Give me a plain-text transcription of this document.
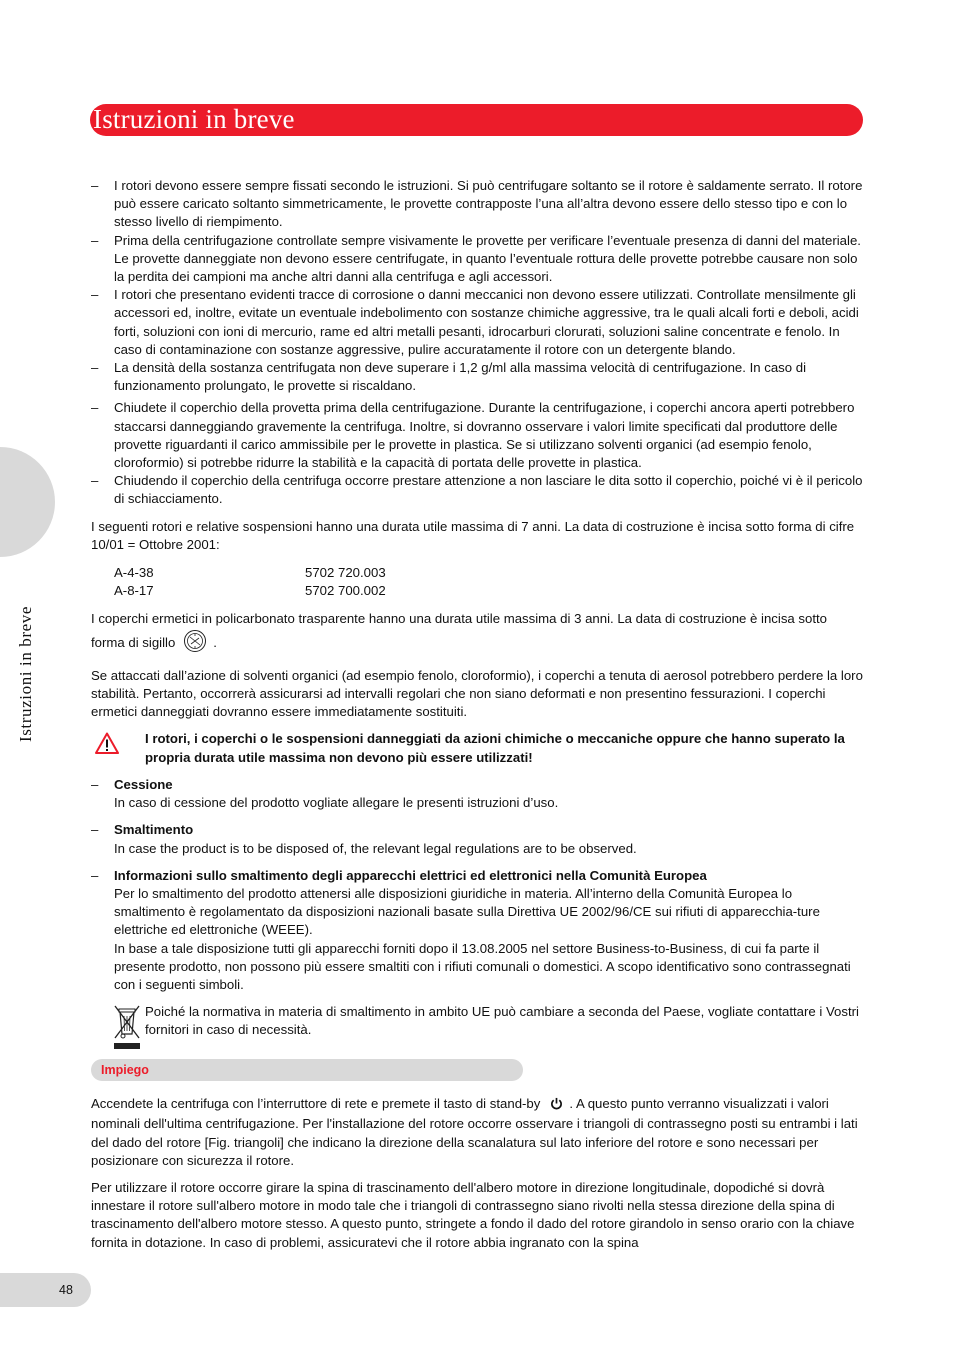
Istruzioni in breve
Istruzioni in breve
48
– I rotori devono essere sempre fissati secondo le istruzioni. Si può centrifugare soltanto se il rotore è saldamente serrato. Il rotore può essere caricato soltanto simmetricamente, le provette contrapposte l’una all’altra devono essere dello stesso tipo e con lo stesso livello di riempimento.

– Prima della centrifugazione controllate sempre visivamente le provette per verificare l’eventuale presenza di danni del materiale. Le provette danneggiate non devono essere centrifugate, in quanto l’eventuale rottura delle provette potrebbe causare non solo la perdita dei campioni ma anche altri danni alla centrifuga e agli accessori.

– I rotori che presentano evidenti tracce di corrosione o danni meccanici non devono essere utilizzati. Controllate mensilmente gli accessori ed, inoltre, evitate un eventuale indebolimento con sostanze chimiche aggressive, tra le quali alcali forti e deboli, acidi forti, soluzioni con ioni di mercurio, rame ed altri metalli pesanti, idrocarburi clorurati, soluzioni saline concentrate e fenolo. In caso di contaminazione con sostanze aggressive, pulire accuratamente il rotore con un detergente blando.

– La densità della sostanza centrifugata non deve superare i 1,2 g/ml alla massima velocità di centrifugazione. In caso di funzionamento prolungato, le provette si riscaldano.

– Chiudete il coperchio della provetta prima della centrifugazione. Durante la centrifugazione, i coperchi ancora aperti potrebbero staccarsi danneggiando gravemente la centrifuga. Inoltre, si dovranno osservare i valori limite specificati dal produttore delle provette riguardanti il carico ammissibile per le provette in plastica. Se si utilizzano solventi organici (ad esempio fenolo, cloroformio) si potrebbe ridurre la stabilità e la capacità di portata delle provette in plastica.

– Chiudendo il coperchio della centrifuga occorre prestare attenzione a non lasciare le dita sotto il coperchio, poiché vi è il pericolo di schiacciamento.

I seguenti rotori e relative sospensioni hanno una durata utile massima di 7 anni. La data di costruzione è incisa sotto forma di cifre 10/01 = Ottobre 2001:

A-4-38	5702 720.003
A-8-17	5702 700.002

I coperchi ermetici in policarbonato trasparente hanno una durata utile massima di 3 anni. La data di costruzione è incisa sotto forma di sigillo	.

Se attaccati dall’azione di solventi organici (ad esempio fenolo, cloroformio), i coperchi a tenuta di aerosol potrebbero perdere la loro stabilità. Pertanto, occorrerà assicurarsi ad intervalli regolari che non siano deformati e non presentino fessurazioni. I coperchi ermetici danneggiati dovranno essere immediatamente sostituiti.

I rotori, i coperchi o le sospensioni danneggiati da azioni chimiche o meccaniche oppure che hanno superato la propria durata utile massima non devono più essere utilizzati!

– Cessione

In caso di cessione del prodotto vogliate allegare le presenti istruzioni d’uso.

– Smaltimento

In case the product is to be disposed of, the relevant legal regulations are to be observed.

– Informazioni sullo smaltimento degli apparecchi elettrici ed elettronici nella Comunità Europea

Per lo smaltimento del prodotto attenersi alle disposizioni giuridiche in materia. All’interno della Comunità Europea lo smaltimento è regolamentato da disposizioni nazionali basate sulla Direttiva UE 2002/96/CE sui rifiuti di apparecchia-ture elettriche ed elettroniche (WEEE).

In base a tale disposizione tutti gli apparecchi forniti dopo il 13.08.2005 nel settore Business-to-Business, di cui fa parte il presente prodotto, non possono più essere smaltiti con i rifiuti comunali o domestici. A scopo identificativo sono contrassegnati con i seguenti simboli.

Poiché la normativa in materia di smaltimento in ambito UE può cambiare a seconda del Paese, vogliate contattare i Vostri fornitori in caso di necessità.

Impiego

Accendete la centrifuga con l’interruttore di rete e premete il tasto di stand-by . A questo punto verranno visualizzati i valori nominali dell'ultima centrifugazione. Per l'installazione del rotore occorre osservare i triangoli di contrassegno posti su entrambi i lati del dado del rotore [Fig. triangoli] che indicano la direzione della scanalatura sul lato inferiore del rotore e sono necessari per posizionare con sicurezza il rotore.

Per utilizzare il rotore occorre girare la spina di trascinamento dell'albero motore in direzione longitudinale, dopodiché si dovrà innestare il rotore sull'albero motore in modo tale che i triangoli di contrassegno siano rivolti nella stessa direzione della spina di trascinamento dell'albero motore stesso. A questo punto, stringete a fondo il dado del rotore girandolo in senso orario con la chiave fornita in dotazione. In caso di problemi, assicuratevi che il rotore abbia ingranato con la spina
